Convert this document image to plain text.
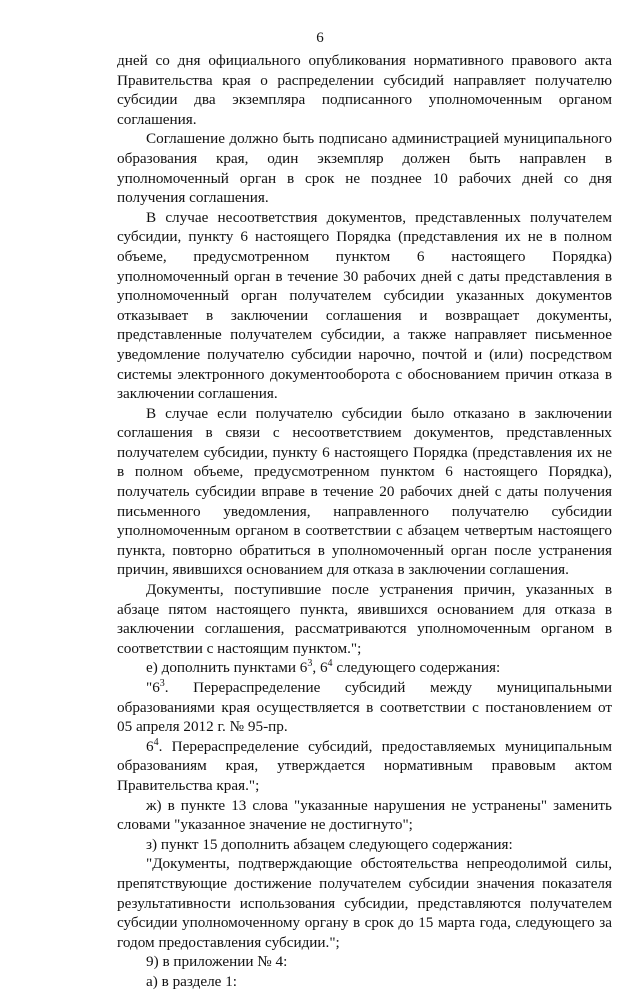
6

дней со дня официального опубликования нормативного правового акта Правительства края о распределении субсидий направляет получателю субсидии два экземпляра подписанного уполномоченным органом соглашения.

Соглашение должно быть подписано администрацией муниципального образования края, один экземпляр должен быть направлен в уполномоченный орган в срок не позднее 10 рабочих дней со дня получения соглашения.

В случае несоответствия документов, представленных получателем субсидии, пункту 6 настоящего Порядка (представления их не в полном объеме, предусмотренном пунктом 6 настоящего Порядка) уполномоченный орган в течение 30 рабочих дней с даты представления в уполномоченный орган получателем субсидии указанных документов отказывает в заключении соглашения и возвращает документы, представленные получателем субсидии, а также направляет письменное уведомление получателю субсидии нарочно, почтой и (или) посредством системы электронного документооборота с обоснованием причин отказа в заключении соглашения.

В случае если получателю субсидии было отказано в заключении соглашения в связи с несоответствием документов, представленных получателем субсидии, пункту 6 настоящего Порядка (представления их не в полном объеме, предусмотренном пунктом 6 настоящего Порядка), получатель субсидии вправе в течение 20 рабочих дней с даты получения письменного уведомления, направленного получателю субсидии уполномоченным органом в соответствии с абзацем четвертым настоящего пункта, повторно обратиться в уполномоченный орган после устранения причин, явившихся основанием для отказа в заключении соглашения.

Документы, поступившие после устранения причин, указанных в абзаце пятом настоящего пункта, явившихся основанием для отказа в заключении соглашения, рассматриваются уполномоченным органом в соответствии с настоящим пунктом.";

е) дополнить пунктами $6^3$, $6^4$ следующего содержания:

"$6^3$. Перераспределение субсидий между муниципальными образованиями края осуществляется в соответствии с постановлением от 05 апреля 2012 г. № 95-пр.

$6^4$. Перераспределение субсидий, предоставляемых муниципальным образованиям края, утверждается нормативным правовым актом Правительства края.";

ж) в пункте 13 слова "указанные нарушения не устранены" заменить словами "указанное значение не достигнуто";

з) пункт 15 дополнить абзацем следующего содержания:

"Документы, подтверждающие обстоятельства непреодолимой силы, препятствующие достижение получателем субсидии значения показателя результативности использования субсидии, представляются получателем субсидии уполномоченному органу в срок до 15 марта года, следующего за годом предоставления субсидии.";

9) в приложении № 4:

а) в разделе 1:
